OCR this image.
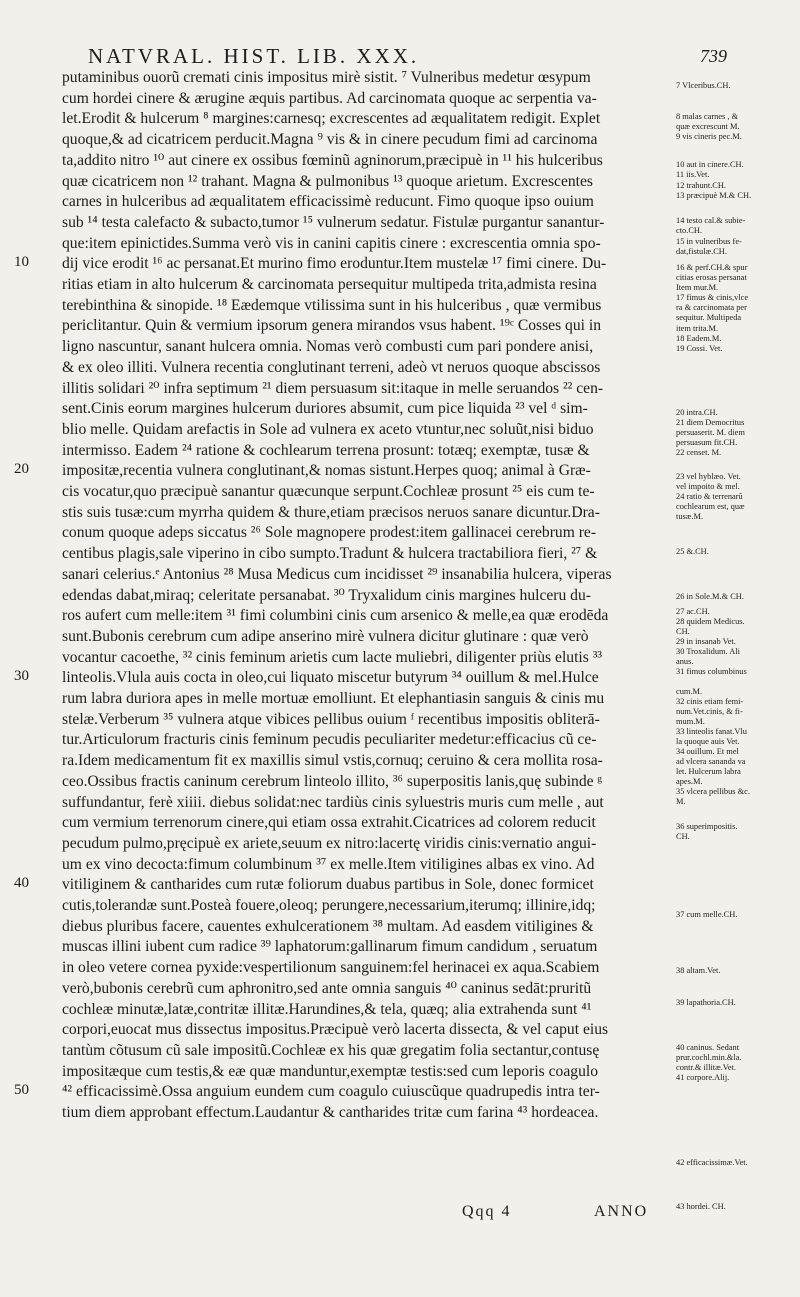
NATVRAL. HIST. LIB. XXX.	739
putaminibus ouorũ cremati cinis impositus mirè sistit. ⁷ Vulneribus medetur œsypum
cum hordei cinere & ærugine æquis partibus. Ad carcinomata quoque ac serpentia va-
let.Erodit & hulcerum ⁸ margines:carnesq; excrescentes ad æqualitatem redigit. Explet
quoque,& ad cicatricem perducit.Magna ⁹ vis & in cinere pecudum fimi ad carcinoma
ta,addito nitro ¹⁰ aut cinere ex ossibus fœminũ agninorum,præcipuè in ¹¹ his hulceribus
quæ cicatricem non ¹² trahant. Magna & pulmonibus ¹³ quoque arietum. Excrescentes
carnes in hulceribus ad æqualitatem efficacissimè reducunt. Fimo quoque ipso ouium
sub ¹⁴ testa calefacto & subacto,tumor ¹⁵ vulnerum sedatur. Fistulæ purgantur sanantur-
que:item epinictides.Summa verò vis in canini capitis cinere : excrescentia omnia spo-
dij vice erodit ¹⁶ ac persanat.Et murino fimo eroduntur.Item mustelæ ¹⁷ fimi cinere. Du-
ritias etiam in alto hulcerum & carcinomata persequitur multipeda trita,admista resina
terebinthina & sinopide. ¹⁸ Eædemque vtilissima sunt in his hulceribus , quæ vermibus
periclitantur. Quin & vermium ipsorum genera mirandos vsus habent. ¹⁹ᶜ Cosses qui in
ligno nascuntur, sanant hulcera omnia. Nomas verò combusti cum pari pondere anisi,
& ex oleo illiti. Vulnera recentia conglutinant terreni, adeò vt neruos quoque abscissos
illitis solidari ²⁰ infra septimum ²¹ diem persuasum sit:itaque in melle seruandos ²² cen-
sent.Cinis eorum margines hulcerum duriores absumit, cum pice liquida ²³ vel ᵈ sim-
blio melle. Quidam arefactis in Sole ad vulnera ex aceto vtuntur,nec soluũt,nisi biduo
intermisso. Eadem ²⁴ ratione & cochlearum terrena prosunt: totæq; exemptæ, tusæ &
impositæ,recentia vulnera conglutinant,& nomas sistunt.Herpes quoq; animal à Græ-
cis vocatur,quo præcipuè sanantur quæcunque serpunt.Cochleæ prosunt ²⁵ eis cum te-
stis suis tusæ:cum myrrha quidem & thure,etiam præcisos neruos sanare dicuntur.Dra-
conum quoque adeps siccatus ²⁶ Sole magnopere prodest:item gallinacei cerebrum re-
centibus plagis,sale viperino in cibo sumpto.Tradunt & hulcera tractabiliora fieri, ²⁷ &
sanari celerius.ᵉ Antonius ²⁸ Musa Medicus cum incidisset ²⁹ insanabilia hulcera, viperas
edendas dabat,miraq; celeritate persanabat. ³⁰ Tryxalidum cinis margines hulceru du-
ros aufert cum melle:item ³¹ fimi columbini cinis cum arsenico & melle,ea quæ erodēda
sunt.Bubonis cerebrum cum adipe anserino mirè vulnera dicitur glutinare : quæ verò
vocantur cacoethe, ³² cinis feminum arietis cum lacte muliebri, diligenter priùs elutis ³³
linteolis.Vlula auis cocta in oleo,cui liquato miscetur butyrum ³⁴ ouillum & mel.Hulce
rum labra duriora apes in melle mortuæ emolliunt. Et elephantiasin sanguis & cinis mu
stelæ.Verberum ³⁵ vulnera atque vibices pellibus ouium ᶠ recentibus impositis obliterā-
tur.Articulorum fracturis cinis feminum pecudis peculiariter medetur:efficacius cũ ce-
ra.Idem medicamentum fit ex maxillis simul vstis,cornuq; ceruino & cera mollita rosa-
ceo.Ossibus fractis caninum cerebrum linteolo illito, ³⁶ superpositis lanis,quę subinde ᵍ
suffundantur, ferè xiiii. diebus solidat:nec tardiùs cinis syluestris muris cum melle , aut
cum vermium terrenorum cinere,qui etiam ossa extrahit.Cicatrices ad colorem reducit
pecudum pulmo,pręcipuè ex ariete,seuum ex nitro:lacertę viridis cinis:vernatio angui-
um ex vino decocta:fimum columbinum ³⁷ ex melle.Item vitiligines albas ex vino. Ad
vitiliginem & cantharides cum rutæ foliorum duabus partibus in Sole, donec formicet
cutis,tolerandæ sunt.Posteà fouere,oleoq; perungere,necessarium,iterumq; illinire,idq;
diebus pluribus facere, cauentes exhulcerationem ³⁸ multam. Ad easdem vitiligines &
muscas illini iubent cum radice ³⁹ laphatorum:gallinarum fimum candidum , seruatum
in oleo vetere cornea pyxide:vespertilionum sanguinem:fel herinacei ex aqua.Scabiem
verò,bubonis cerebrũ cum aphronitro,sed ante omnia sanguis ⁴⁰ caninus sedāt:pruritũ
cochleæ minutæ,latæ,contritæ illitæ.Harundines,& tela, quæq; alia extrahenda sunt ⁴¹
corpori,euocat mus dissectus impositus.Præcipuè verò lacerta dissecta, & vel caput eius
tantùm cõtusum cũ sale impositũ.Cochleæ ex his quæ gregatim folia sectantur,contusę
impositæque cum testis,& eæ quæ manduntur,exemptæ testis:sed cum leporis coagulo
⁴² efficacissimè.Ossa anguium eundem cum coagulo cuiuscũque quadrupedis intra ter-
tium diem approbant effectum.Laudantur & cantharides tritæ cum farina ⁴³ hordeacea.
10
20
30
40
50
7 Vlceribus.CH.
8 malas carnes , &
quæ excrescunt M.
9 vis cineris pec.M.
10 aut in cinere.CH.
11 iis.Vet.
12 trahunt.CH.
13 præcipuè M.& CH.
14 testo cal.& subie-
cto.CH.
15 in vulneribus fe-
dat,fistulæ.CH.
16 & perf.CH.& spur
citias erosas persanat
Item mur.M.
17 fimus & cinis,vlce
ra & carcinomata per
sequitur. Multipeda
item trita.M.
18 Eadem.M.
19 Cossi. Vet.
20 intra.CH.
21 diem Democritus
persuaserit. M. diem
persuasum fit.CH.
22 censet. M.
23 vel hyblæo. Vet.
vel impoito & mel.
24 ratio & terrenarũ
cochlearum est, quæ
tusæ.M.
25 &.CH.
26 in Sole.M.& CH.
27 ac.CH.
28 quidem Medicus.
CH.
29 in insanab Vet.
30 Troxalidum. Ali
anus.
31 fimus columbinus
cum.M.
32 cinis etiam femi-
num.Vet.cinis, & fi-
mum.M.
33 linteolis fanat.Vlu
la quoque auis Vet.
34 ouillum. Et mel
ad vlcera sananda va
let. Hulcerum labra
apes.M.
35 vlcera pellibus &c.
M.
36 superimpositis.
CH.
37 cum melle.CH.
38 altam.Vet.
39 lapathoria.CH.
40 caninus. Sedant
prur.cochl.min.&la.
contr.& illitæ.Vet.
41 corpore.Alij.
42 efficacissimæ.Vet.
43 hordei. CH.
Qqq 4	ANNO
